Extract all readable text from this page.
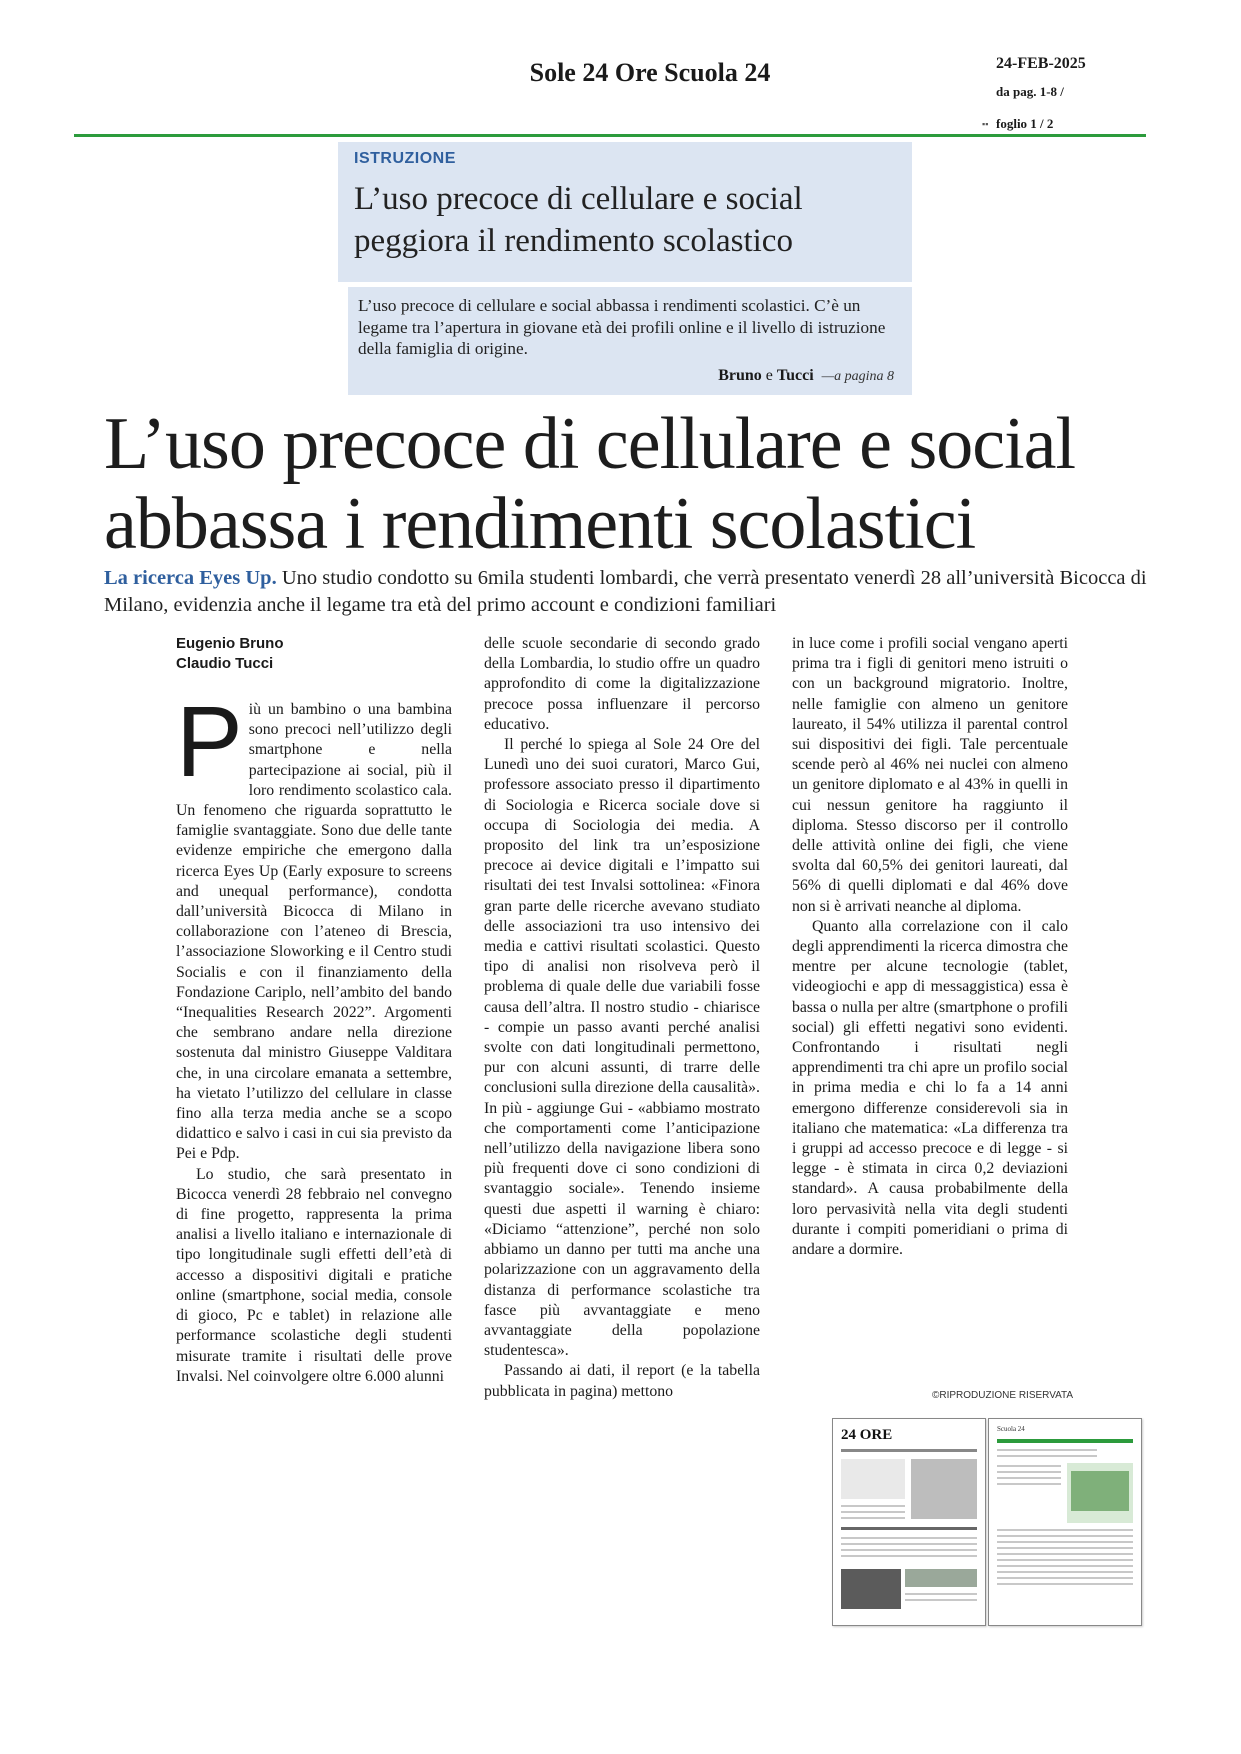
Sole 24 Ore Scuola 24	24-FEB-2025
da pag. 1-8 /
▪▪ foglio 1 / 2
ISTRUZIONE
L’uso precoce di cellulare e social peggiora il rendimento scolastico
L’uso precoce di cellulare e social abbassa i rendimenti scolastici. C’è un legame tra l’apertura in giovane età dei profili online e il livello di istruzione della famiglia di origine.
Bruno e Tucci —a pagina 8
L’uso precoce di cellulare e social
abbassa i rendimenti scolastici
La ricerca Eyes Up. Uno studio condotto su 6mila studenti lombardi, che verrà presentato venerdì 28 all’università Bicocca di Milano, evidenzia anche il legame tra età del primo account e condizioni familiari
Eugenio Bruno
Claudio Tucci

Più un bambino o una bambina sono precoci nell’utilizzo degli smartphone e nella partecipazione ai social, più il loro rendimento scolastico cala. Un fenomeno che riguarda soprattutto le famiglie svantaggiate. Sono due delle tante evidenze empiriche che emergono dalla ricerca Eyes Up (Early exposure to screens and unequal performance), condotta dall’università Bicocca di Milano in collaborazione con l’ateneo di Brescia, l’associazione Sloworking e il Centro studi Socialis e con il finanziamento della Fondazione Cariplo, nell’ambito del bando “Inequalities Research 2022”. Argomenti che sembrano andare nella direzione sostenuta dal ministro Giuseppe Valditara che, in una circolare emanata a settembre, ha vietato l’utilizzo del cellulare in classe fino alla terza media anche se a scopo didattico e salvo i casi in cui sia previsto da Pei e Pdp.

Lo studio, che sarà presentato in Bicocca venerdì 28 febbraio nel convegno di fine progetto, rappresenta la prima analisi a livello italiano e internazionale di tipo longitudinale sugli effetti dell’età di accesso a dispositivi digitali e pratiche online (smartphone, social media, console di gioco, Pc e tablet) in relazione alle performance scolastiche degli studenti misurate tramite i risultati delle prove Invalsi. Nel coinvolgere oltre 6.000 alunni

delle scuole secondarie di secondo grado della Lombardia, lo studio offre un quadro approfondito di come la digitalizzazione precoce possa influenzare il percorso educativo.

Il perché lo spiega al Sole 24 Ore del Lunedì uno dei suoi curatori, Marco Gui, professore associato presso il dipartimento di Sociologia e Ricerca sociale dove si occupa di Sociologia dei media. A proposito del link tra un’esposizione precoce ai device digitali e l’impatto sui risultati dei test Invalsi sottolinea: «Finora gran parte delle ricerche avevano studiato delle associazioni tra uso intensivo dei media e cattivi risultati scolastici. Questo tipo di analisi non risolveva però il problema di quale delle due variabili fosse causa dell’altra. Il nostro studio - chiarisce - compie un passo avanti perché analisi svolte con dati longitudinali permettono, pur con alcuni assunti, di trarre delle conclusioni sulla direzione della causalità». In più - aggiunge Gui - «abbiamo mostrato che comportamenti come l’anticipazione nell’utilizzo della navigazione libera sono più frequenti dove ci sono condizioni di svantaggio sociale». Tenendo insieme questi due aspetti il warning è chiaro: «Diciamo “attenzione”, perché non solo abbiamo un danno per tutti ma anche una polarizzazione con un aggravamento della distanza di performance scolastiche tra fasce più avvantaggiate e meno avvantaggiate della popolazione studentesca».

Passando ai dati, il report (e la tabella pubblicata in pagina) mettono

in luce come i profili social vengano aperti prima tra i figli di genitori meno istruiti o con un background migratorio. Inoltre, nelle famiglie con almeno un genitore laureato, il 54% utilizza il parental control sui dispositivi dei figli. Tale percentuale scende però al 46% nei nuclei con almeno un genitore diplomato e al 43% in quelli in cui nessun genitore ha raggiunto il diploma. Stesso discorso per il controllo delle attività online dei figli, che viene svolta dal 60,5% dei genitori laureati, dal 56% di quelli diplomati e dal 46% dove non si è arrivati neanche al diploma.

Quanto alla correlazione con il calo degli apprendimenti la ricerca dimostra che mentre per alcune tecnologie (tablet, videogiochi e app di messaggistica) essa è bassa o nulla per altre (smartphone o profili social) gli effetti negativi sono evidenti. Confrontando i risultati negli apprendimenti tra chi apre un profilo social in prima media e chi lo fa a 14 anni emergono differenze considerevoli sia in italiano che matematica: «La differenza tra i gruppi ad accesso precoce e di legge - si legge - è stimata in circa 0,2 deviazioni standard». A causa probabilmente della loro pervasività nella vita degli studenti durante i compiti pomeridiani o prima di andare a dormire.

©RIPRODUZIONE RISERVATA
24 ORE	Scuola 24
